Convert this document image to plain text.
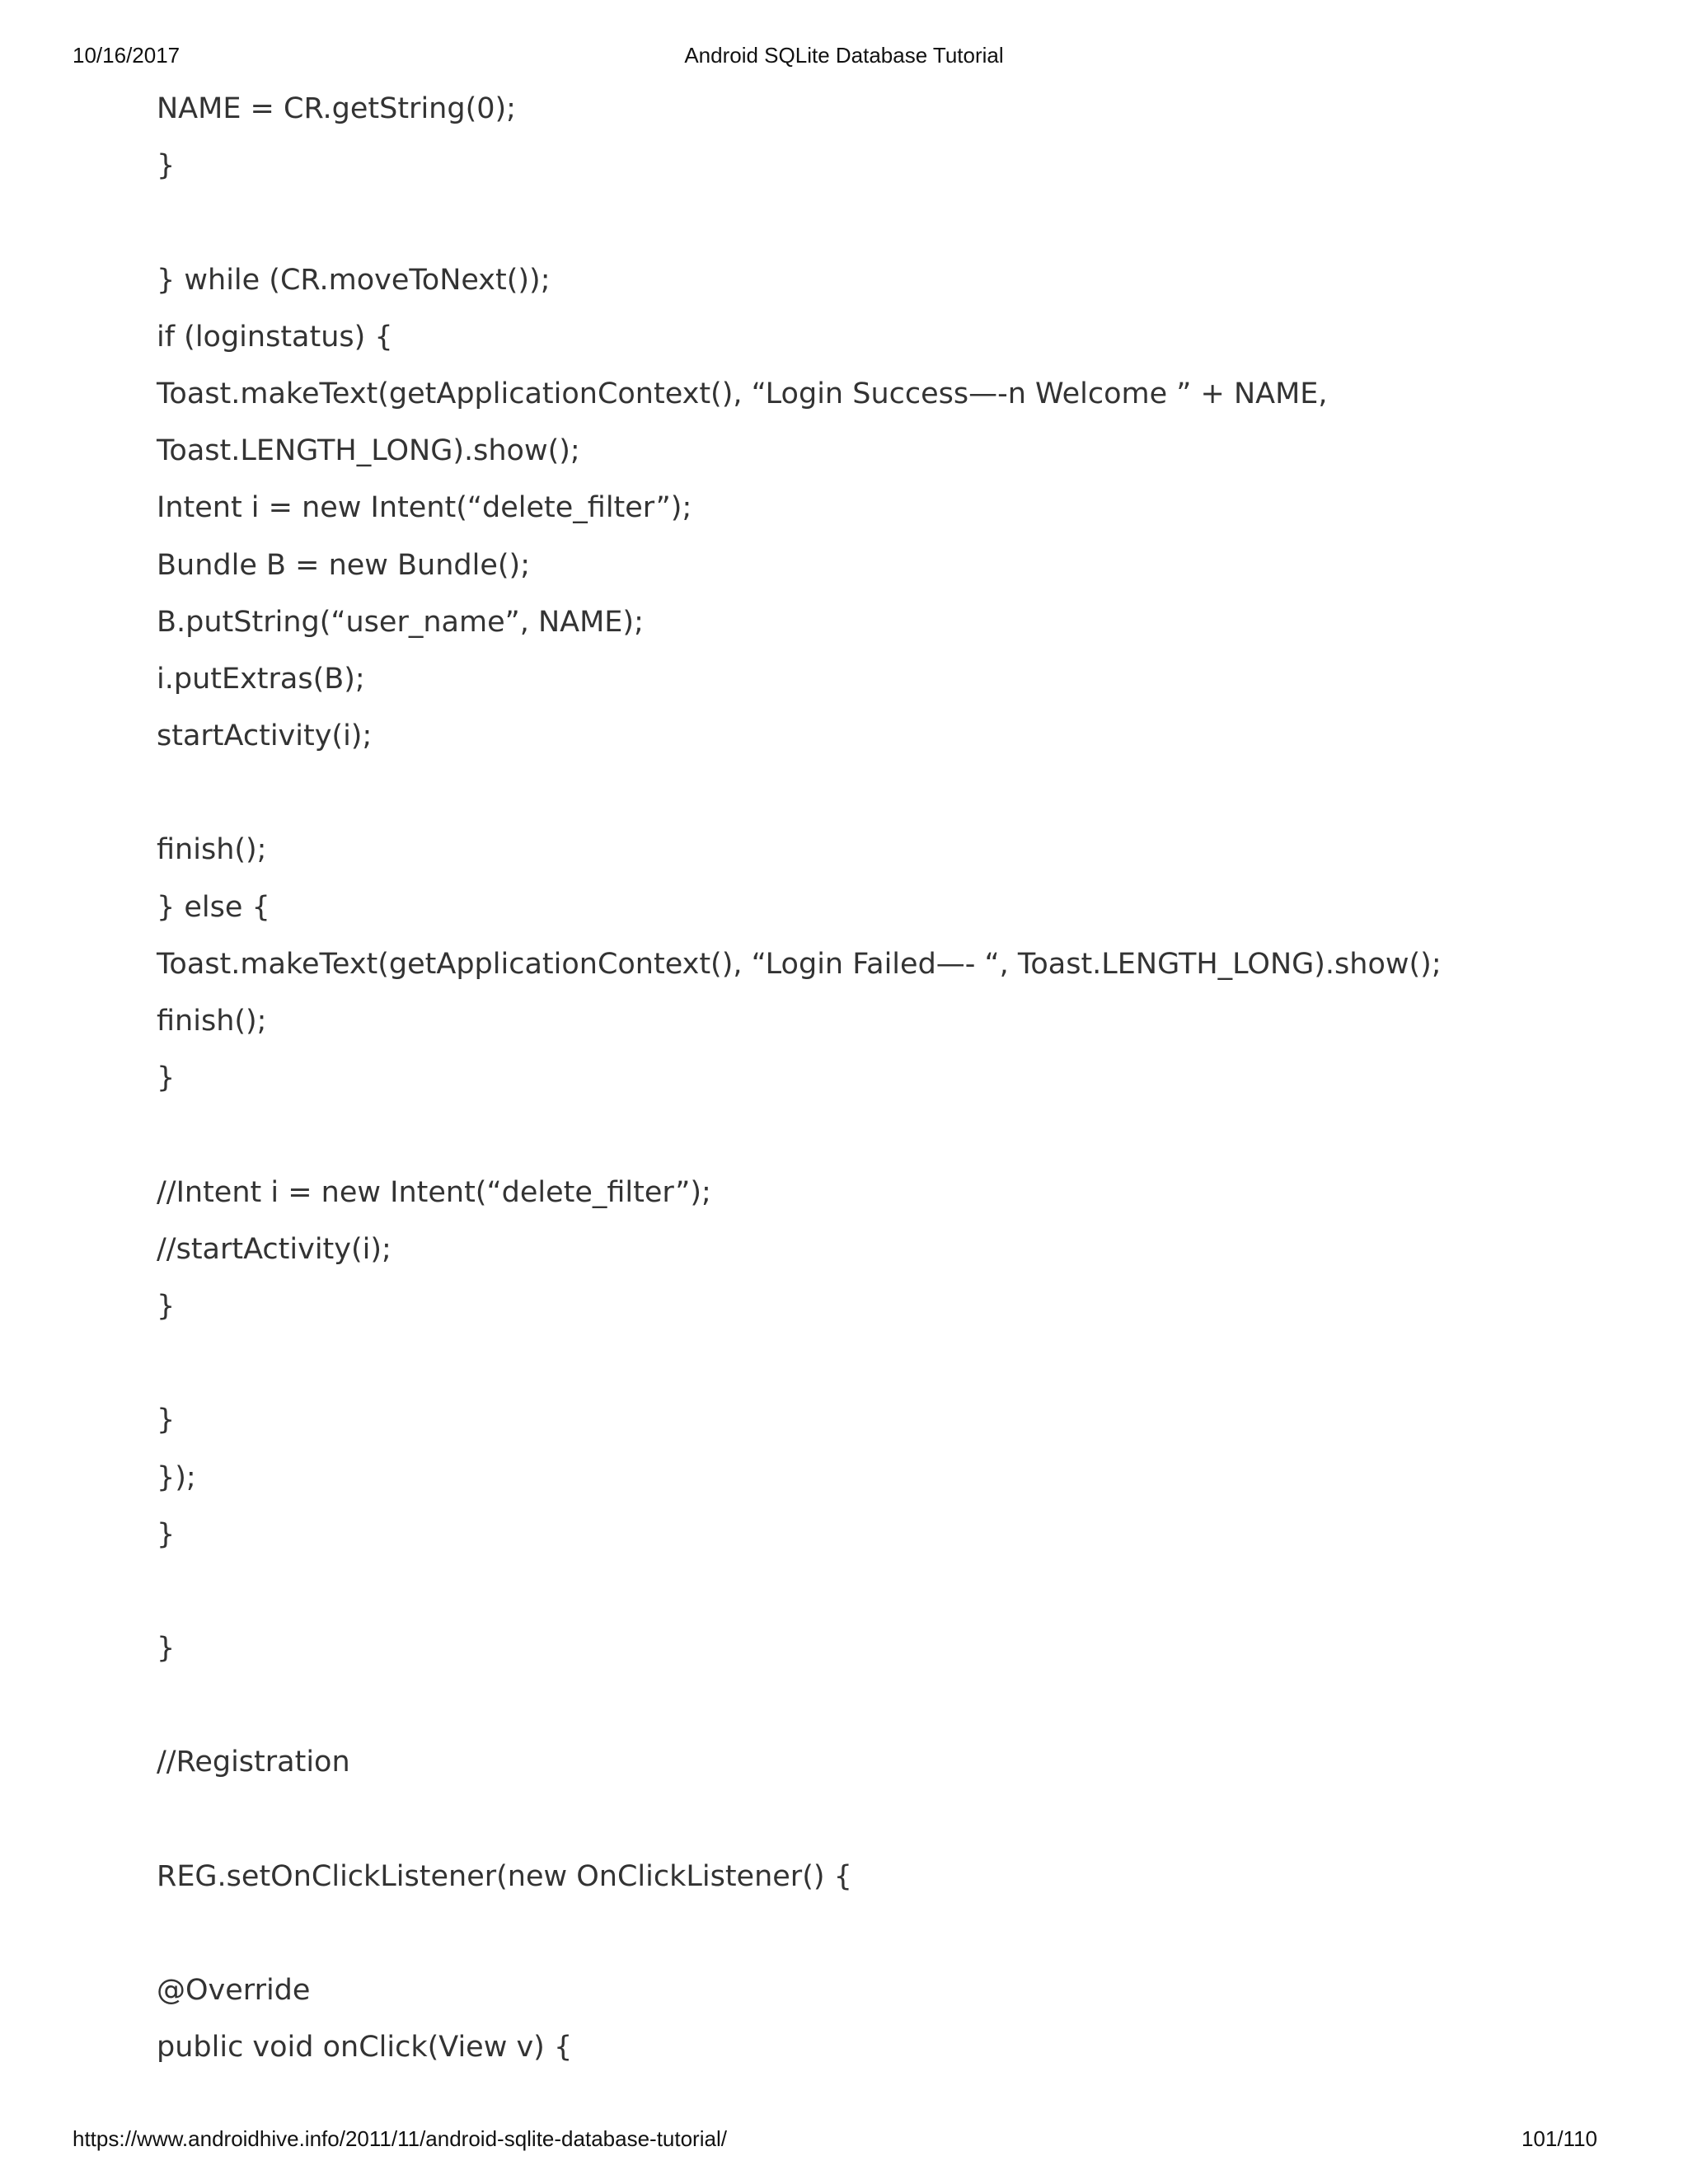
10/16/2017	Android SQLite Database Tutorial
NAME = CR.getString(0);
}
} while (CR.moveToNext());
if (loginstatus) {
Toast.makeText(getApplicationContext(), “Login Success—-n Welcome ” + NAME,
Toast.LENGTH_LONG).show();
Intent i = new Intent(“delete_filter”);
Bundle B = new Bundle();
B.putString(“user_name”, NAME);
i.putExtras(B);
startActivity(i);
finish();
} else {
Toast.makeText(getApplicationContext(), “Login Failed—- “, Toast.LENGTH_LONG).show();
finish();
}
//Intent i = new Intent(“delete_filter”);
//startActivity(i);
}
}
});
}
}
//Registration
REG.setOnClickListener(new OnClickListener() {
@Override
public void onClick(View v) {
https://www.androidhive.info/2011/11/android-sqlite-database-tutorial/	101/110
